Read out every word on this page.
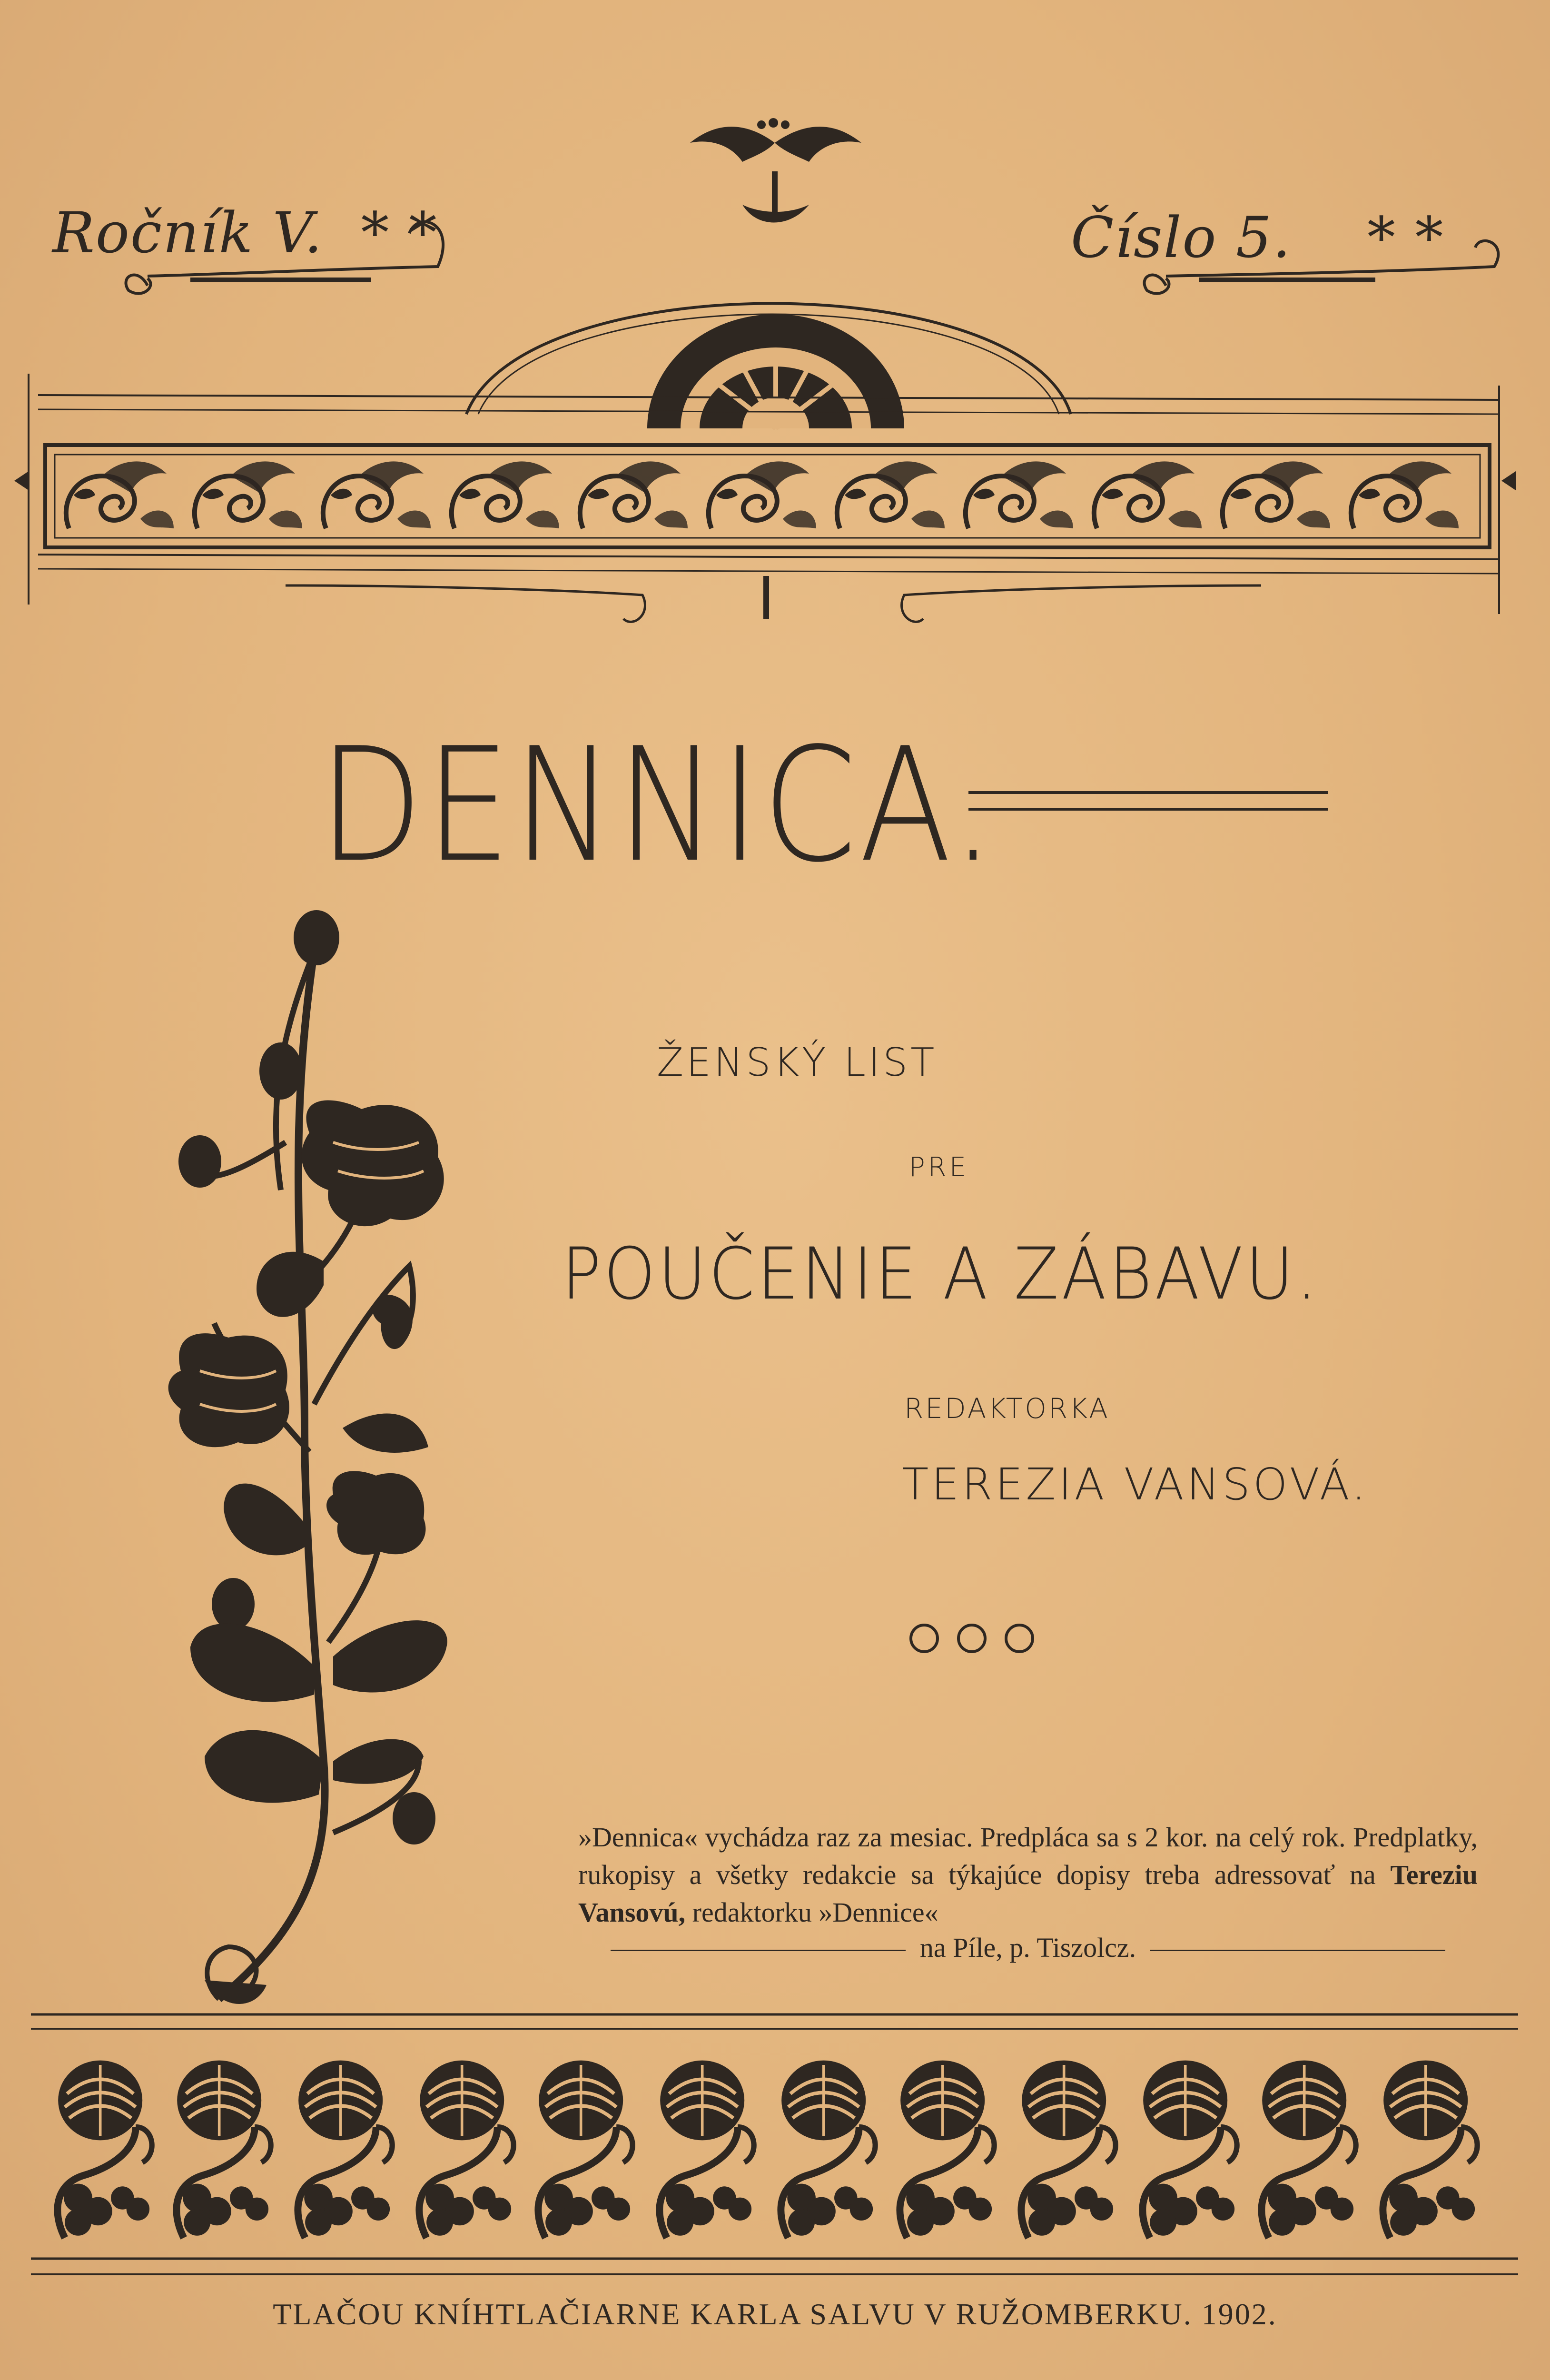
Ročník V. * *	Číslo 5. * *
DENNICA.
ŽENSKÝ LIST
PRE
POUČENIE A ZÁBAVU.
REDAKTORKA
TEREZIA VANSOVÁ.

»Dennica« vychádza raz za mesiac. Predpláca sa s 2 kor. na celý rok. Predplatky, rukopisy a všetky redakcie sa týkajúce dopisy treba adressovať na Tereziu Vansovú, redaktorku »Dennice«

na Píle, p. Tiszolcz.
TLAČOU KNÍHTLAČIARNE KARLA SALVU V RUŽOMBERKU. 1902.
